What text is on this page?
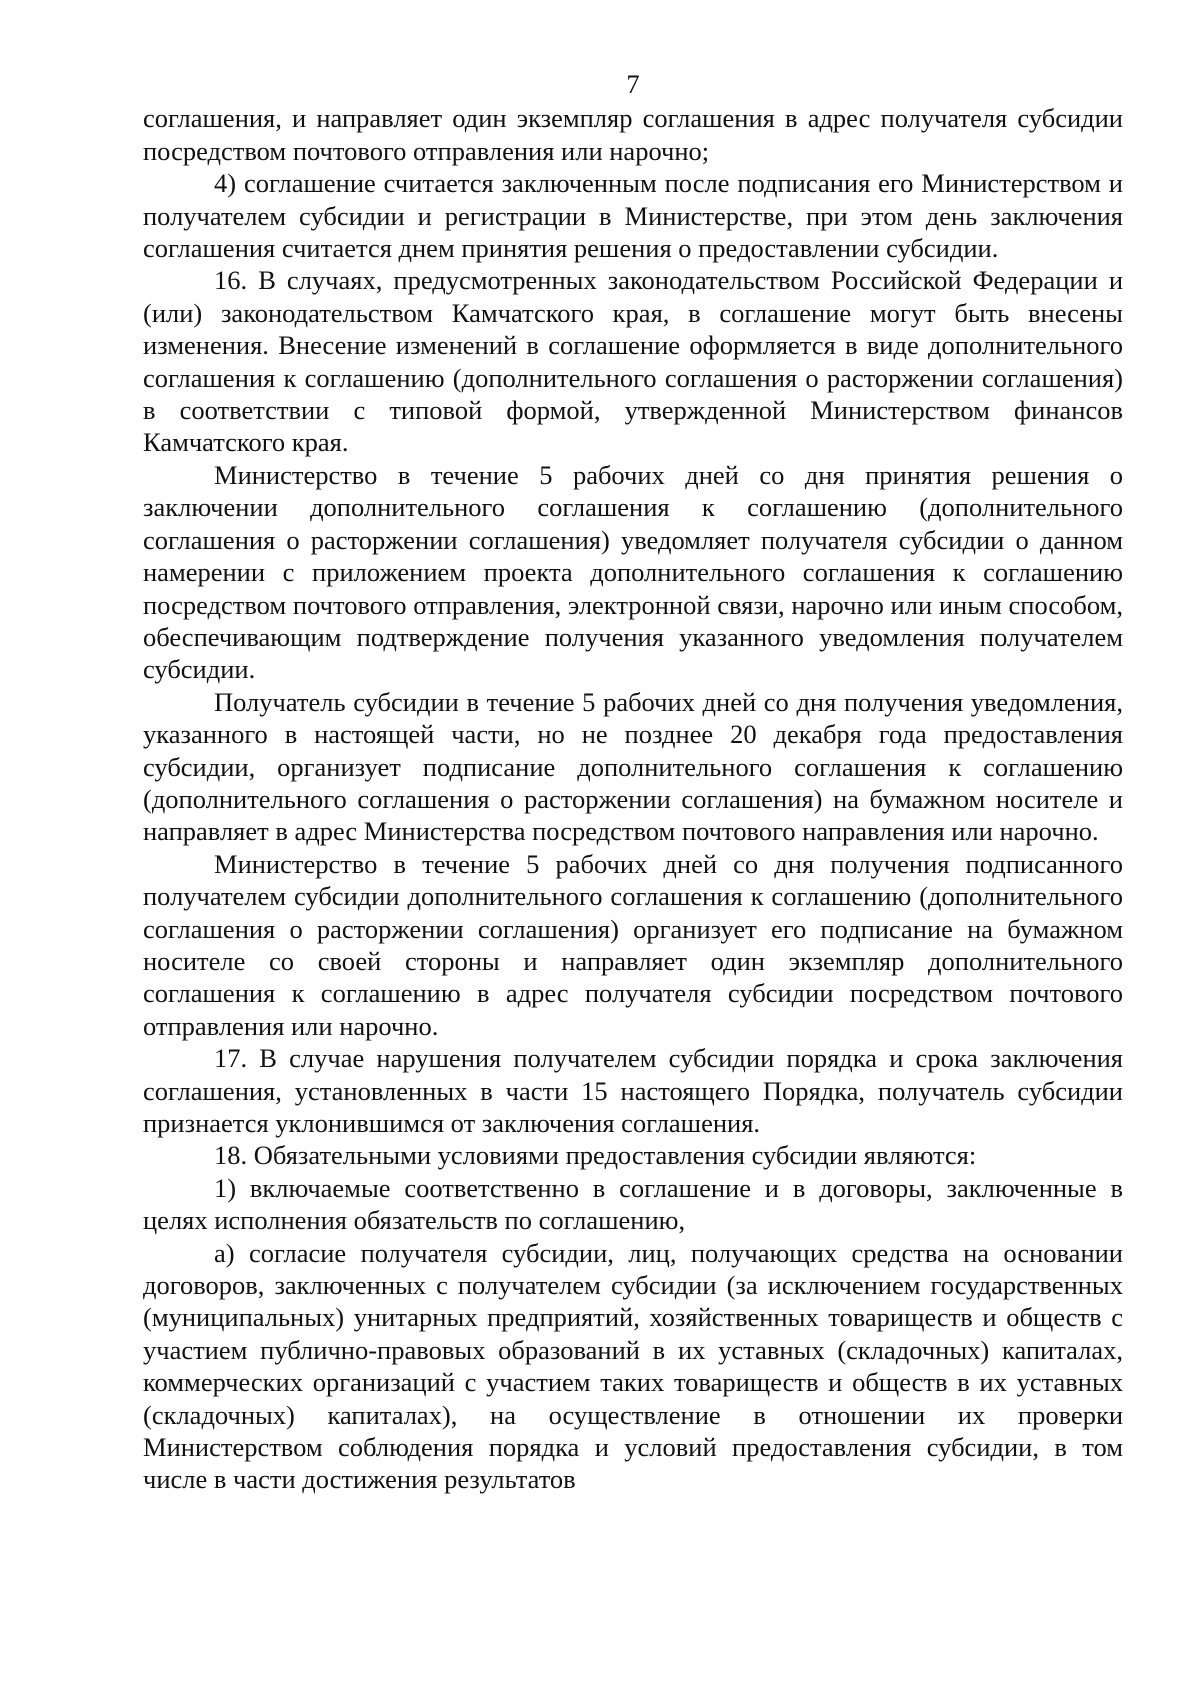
7

соглашения, и направляет один экземпляр соглашения в адрес получателя субсидии посредством почтового отправления или нарочно;

4) соглашение считается заключенным после подписания его Министерством и получателем субсидии и регистрации в Министерстве, при этом день заключения соглашения считается днем принятия решения о предоставлении субсидии.

16. В случаях, предусмотренных законодательством Российской Федерации и (или) законодательством Камчатского края, в соглашение могут быть внесены изменения. Внесение изменений в соглашение оформляется в виде дополнительного соглашения к соглашению (дополнительного соглашения о расторжении соглашения) в соответствии с типовой формой, утвержденной Министерством финансов Камчатского края.

Министерство в течение 5 рабочих дней со дня принятия решения о заключении дополнительного соглашения к соглашению (дополнительного соглашения о расторжении соглашения) уведомляет получателя субсидии о данном намерении с приложением проекта дополнительного соглашения к соглашению посредством почтового отправления, электронной связи, нарочно или иным способом, обеспечивающим подтверждение получения указанного уведомления получателем субсидии.

Получатель субсидии в течение 5 рабочих дней со дня получения уведомления, указанного в настоящей части, но не позднее 20 декабря года предоставления субсидии, организует подписание дополнительного соглашения к соглашению (дополнительного соглашения о расторжении соглашения) на бумажном носителе и направляет в адрес Министерства посредством почтового направления или нарочно.

Министерство в течение 5 рабочих дней со дня получения подписанного получателем субсидии дополнительного соглашения к соглашению (дополнительного соглашения о расторжении соглашения) организует его подписание на бумажном носителе со своей стороны и направляет один экземпляр дополнительного соглашения к соглашению в адрес получателя субсидии посредством почтового отправления или нарочно.

17. В случае нарушения получателем субсидии порядка и срока заключения соглашения, установленных в части 15 настоящего Порядка, получатель субсидии признается уклонившимся от заключения соглашения.

18. Обязательными условиями предоставления субсидии являются:

1) включаемые соответственно в соглашение и в договоры, заключенные в целях исполнения обязательств по соглашению,

а) согласие получателя субсидии, лиц, получающих средства на основании договоров, заключенных с получателем субсидии (за исключением государственных (муниципальных) унитарных предприятий, хозяйственных товариществ и обществ с участием публично-правовых образований в их уставных (складочных) капиталах, коммерческих организаций с участием таких товариществ и обществ в их уставных (складочных) капиталах), на осуществление в отношении их проверки Министерством соблюдения порядка и условий предоставления субсидии, в том числе в части достижения результатов
